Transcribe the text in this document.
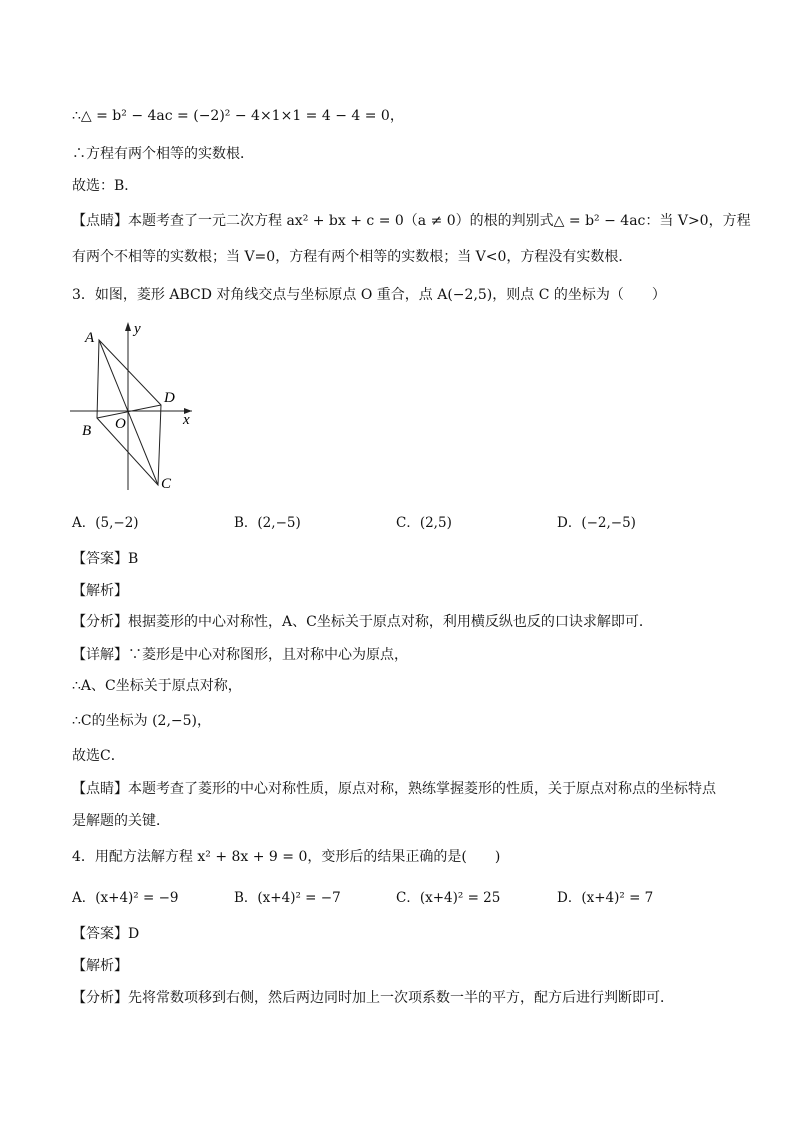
∴△ = b² − 4ac = (−2)² − 4×1×1 = 4 − 4 = 0，
∴方程有两个相等的实数根．
故选：B．
【点睛】本题考查了一元二次方程 ax² + bx + c = 0（a ≠ 0）的根的判别式△ = b² − 4ac：当 V>0，方程
有两个不相等的实数根；当 V=0，方程有两个相等的实数根；当 V<0，方程没有实数根．
3．如图，菱形 ABCD 对角线交点与坐标原点 O 重合，点 A(−2,5)，则点 C 的坐标为（　　）
A
B
C
D
O	x
y
A．(5,−2)	B．(2,−5)	C．(2,5)	D．(−2,−5)
【答案】B
【解析】
【分析】根据菱形的中心对称性，A、C坐标关于原点对称，利用横反纵也反的口诀求解即可．
【详解】∵菱形是中心对称图形，且对称中心为原点，
∴A、C坐标关于原点对称，
∴C的坐标为 (2,−5)，
故选C．
【点睛】本题考查了菱形的中心对称性质，原点对称，熟练掌握菱形的性质，关于原点对称点的坐标特点
是解题的关键．
4．用配方法解方程 x² + 8x + 9 = 0，变形后的结果正确的是(　　)
A．(x+4)² = −9	B．(x+4)² = −7	C．(x+4)² = 25	D．(x+4)² = 7
【答案】D
【解析】
【分析】先将常数项移到右侧，然后两边同时加上一次项系数一半的平方，配方后进行判断即可．
